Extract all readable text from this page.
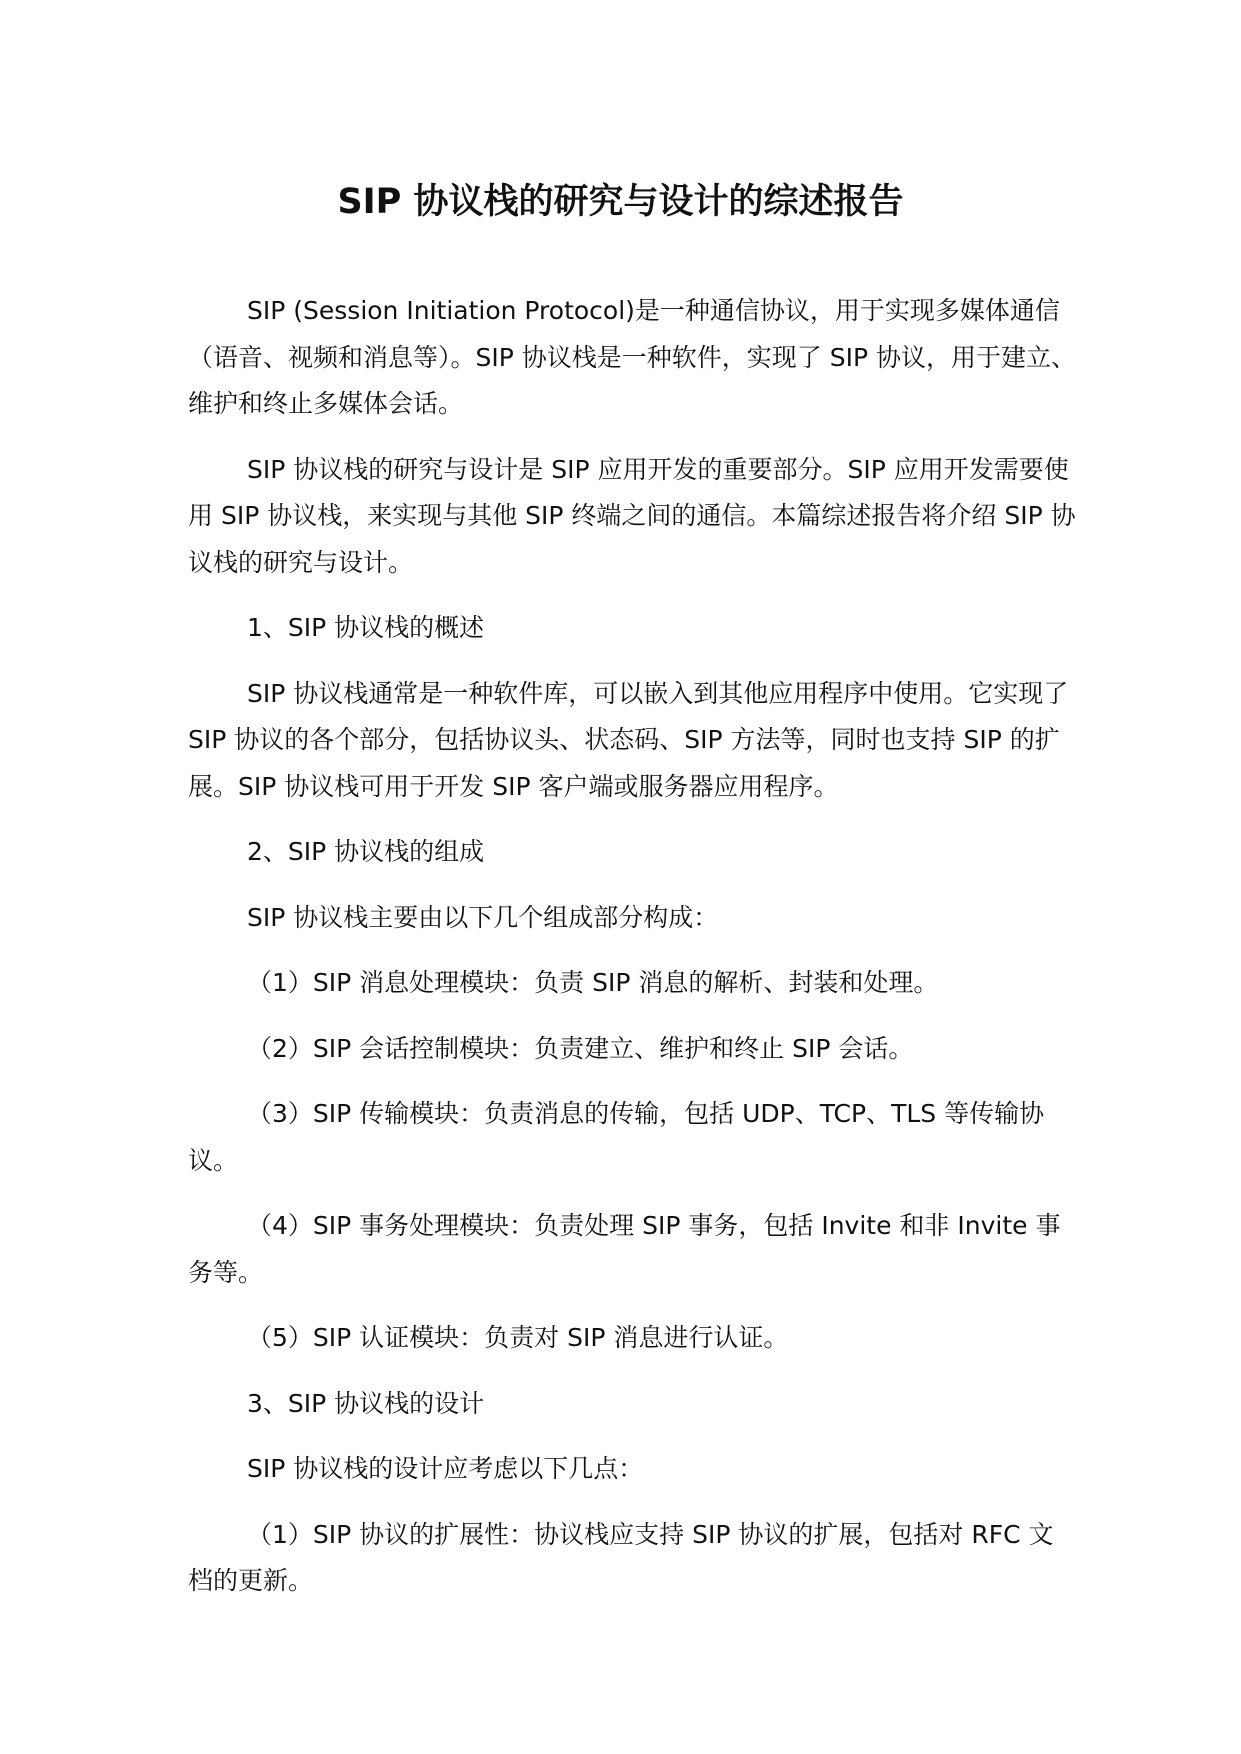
SIP 协议栈的研究与设计的综述报告

SIP (Session Initiation Protocol)是一种通信协议，用于实现多媒体通信（语音、视频和消息等）。SIP 协议栈是一种软件，实现了 SIP 协议，用于建立、维护和终止多媒体会话。

SIP 协议栈的研究与设计是 SIP 应用开发的重要部分。SIP 应用开发需要使用 SIP 协议栈，来实现与其他 SIP 终端之间的通信。本篇综述报告将介绍 SIP 协议栈的研究与设计。

1、SIP 协议栈的概述

SIP 协议栈通常是一种软件库，可以嵌入到其他应用程序中使用。它实现了 SIP 协议的各个部分，包括协议头、状态码、SIP 方法等，同时也支持 SIP 的扩展。SIP 协议栈可用于开发 SIP 客户端或服务器应用程序。

2、SIP 协议栈的组成

SIP 协议栈主要由以下几个组成部分构成：

（1）SIP 消息处理模块：负责 SIP 消息的解析、封装和处理。

（2）SIP 会话控制模块：负责建立、维护和终止 SIP 会话。

（3）SIP 传输模块：负责消息的传输，包括 UDP、TCP、TLS 等传输协议。

（4）SIP 事务处理模块：负责处理 SIP 事务，包括 Invite 和非 Invite 事务等。

（5）SIP 认证模块：负责对 SIP 消息进行认证。

3、SIP 协议栈的设计

SIP 协议栈的设计应考虑以下几点：

（1）SIP 协议的扩展性：协议栈应支持 SIP 协议的扩展，包括对 RFC 文档的更新。
